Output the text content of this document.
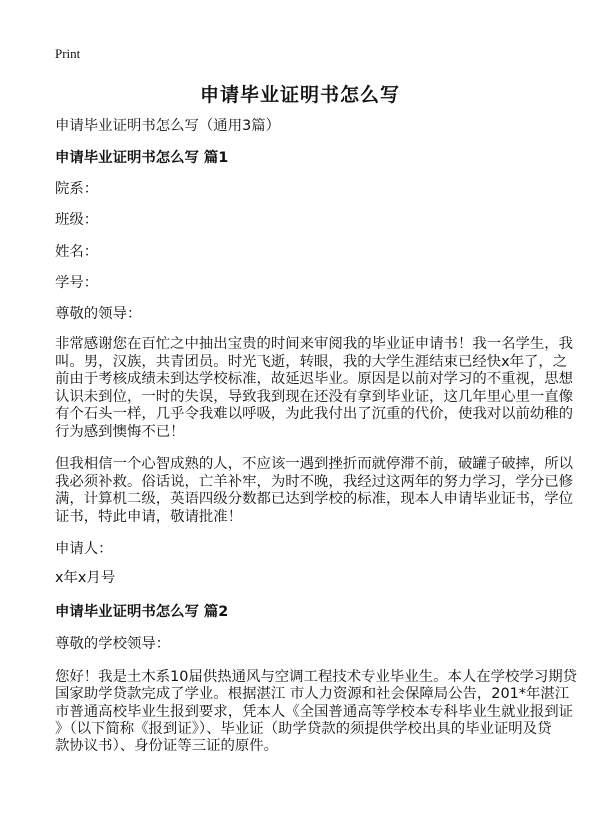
Print
申请毕业证明书怎么写
申请毕业证明书怎么写（通用3篇）
申请毕业证明书怎么写 篇1
院系：
班级：
姓名：
学号：
尊敬的领导：
非常感谢您在百忙之中抽出宝贵的时间来审阅我的毕业证申请书！我一名学生，我
叫。男，汉族，共青团员。时光飞逝，转眼，我的大学生涯结束已经快x年了，之
前由于考核成绩未到达学校标准，故延迟毕业。原因是以前对学习的不重视，思想
认识未到位，一时的失误，导致我到现在还没有拿到毕业证，这几年里心里一直像
有个石头一样，几乎令我难以呼吸，为此我付出了沉重的代价，使我对以前幼稚的
行为感到懊悔不已！
但我相信一个心智成熟的人，不应该一遇到挫折而就停滞不前，破罐子破摔，所以
我必须补救。俗话说，亡羊补牢，为时不晚，我经过这两年的努力学习，学分已修
满，计算机二级，英语四级分数都已达到学校的标准，现本人申请毕业证书，学位
证书，特此申请，敬请批准！
申请人：
x年x月号
申请毕业证明书怎么写 篇2
尊敬的学校领导：
您好！我是土木系10届供热通风与空调工程技术专业毕业生。本人在学校学习期贷
国家助学贷款完成了学业。根据湛江 市人力资源和社会保障局公告，201*年湛江
市普通高校毕业生报到要求，凭本人《全国普通高等学校本专科毕业生就业报到证
》（以下简称《报到证》）、毕业证（助学贷款的须提供学校出具的毕业证明及贷
款协议书）、身份证等三证的原件。
